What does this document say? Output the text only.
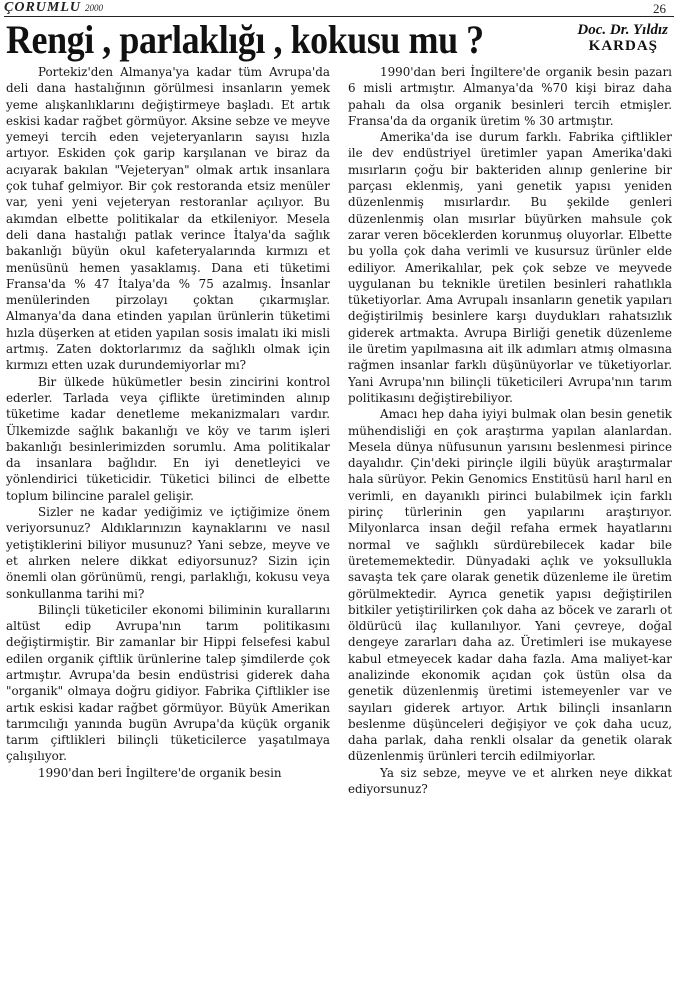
ÇORUMLU 2000	26
Rengi , parlaklığı , kokusu mu ?	Doc. Dr. Yıldız
KARDAŞ

Portekiz'den Almanya'ya kadar tüm Avrupa'da deli dana hastalığının görülmesi insanların yemek yeme alışkanlıklarını değiştirmeye başladı. Et artık eskisi kadar rağbet görmüyor. Aksine sebze ve meyve yemeyi tercih eden vejeteryanların sayısı hızla artıyor. Eskiden çok garip karşılanan ve biraz da acıyarak bakılan "Vejeteryan" olmak artık insanlara çok tuhaf gelmiyor. Bir çok restoranda etsiz menüler var, yeni yeni vejeteryan restoranlar açılıyor. Bu akımdan elbette politikalar da etkileniyor. Mesela deli dana hastalığı patlak verince İtalya'da sağlık bakanlığı büyün okul kafeteryalarında kırmızı et menüsünü hemen yasaklamış. Dana eti tüketimi Fransa'da % 47 İtalya'da % 75 azalmış. İnsanlar menülerinden pirzolayı çoktan çıkarmışlar. Almanya'da dana etinden yapılan ürünlerin tüketimi hızla düşerken at etiden yapılan sosis imalatı iki misli artmış. Zaten doktorlarımız da sağlıklı olmak için kırmızı etten uzak durundemiyorlar mı?

Bir ülkede hükümetler besin zincirini kontrol ederler. Tarlada veya çiflikte üretiminden alınıp tüketime kadar denetleme mekanizmaları vardır. Ülkemizde sağlık bakanlığı ve köy ve tarım işleri bakanlığı besinlerimizden sorumlu. Ama politikalar da insanlara bağlıdır. En iyi denetleyici ve yönlendirici tüketicidir. Tüketici bilinci de elbette toplum bilincine paralel gelişir.

Sizler ne kadar yediğimiz ve içtiğimize önem veriyorsunuz? Aldıklarınızın kaynaklarını ve nasıl yetiştiklerini biliyor musunuz? Yani sebze, meyve ve et alırken nelere dikkat ediyorsunuz? Sizin için önemli olan görünümü, rengi, parlaklığı, kokusu veya sonkullanma tarihi mi?

Bilinçli tüketiciler ekonomi biliminin kurallarını altüst edip Avrupa'nın tarım politikasını değiştirmiştir. Bir zamanlar bir Hippi felsefesi kabul edilen organik çiftlik ürünlerine talep şimdilerde çok artmıştır. Avrupa'da besin endüstrisi giderek daha "organik" olmaya doğru gidiyor. Fabrika Çiftlikler ise artık eskisi kadar rağbet görmüyor. Büyük Amerikan tarımcılığı yanında bugün Avrupa'da küçük organik tarım çiftlikleri bilinçli tüketicilerce yaşatılmaya çalışılıyor.

1990'dan beri İngiltere'de organik besin

1990'dan beri İngiltere'de organik besin pazarı 6 misli artmıştır. Almanya'da %70 kişi biraz daha pahalı da olsa organik besinleri tercih etmişler. Fransa'da da organik üretim % 30 artmıştır.

Amerika'da ise durum farklı. Fabrika çiftlikler ile dev endüstriyel üretimler yapan Amerika'daki mısırların çoğu bir bakteriden alınıp genlerine bir parçası eklenmiş, yani genetik yapısı yeniden düzenlenmiş mısırlardır. Bu şekilde genleri düzenlenmiş olan mısırlar büyürken mahsule çok zarar veren böceklerden korunmuş oluyorlar. Elbette bu yolla çok daha verimli ve kusursuz ürünler elde ediliyor. Amerikalılar, pek çok sebze ve meyvede uygulanan bu teknikle üretilen besinleri rahatlıkla tüketiyorlar. Ama Avrupalı insanların genetik yapıları değiştirilmiş besinlere karşı duydukları rahatsızlık giderek artmakta. Avrupa Birliği genetik düzenleme ile üretim yapılmasına ait ilk adımları atmış olmasına rağmen insanlar farklı düşünüyorlar ve tüketiyorlar. Yani Avrupa'nın bilinçli tüketicileri Avrupa'nın tarım politikasını değiştirebiliyor.

Amacı hep daha iyiyi bulmak olan besin genetik mühendisliği en çok araştırma yapılan alanlardan. Mesela dünya nüfusunun yarısını beslenmesi pirince dayalıdır. Çin'deki pirinçle ilgili büyük araştırmalar hala sürüyor. Pekin Genomics Enstitüsü harıl harıl en verimli, en dayanıklı pirinci bulabilmek için farklı pirinç türlerinin gen yapılarını araştırıyor. Milyonlarca insan değil refaha ermek hayatlarını normal ve sağlıklı sürdürebilecek kadar bile üretememektedir. Dünyadaki açlık ve yoksullukla savaşta tek çare olarak genetik düzenleme ile üretim görülmektedir. Ayrıca genetik yapısı değiştirilen bitkiler yetiştirilirken çok daha az böcek ve zararlı ot öldürücü ilaç kullanılıyor. Yani çevreye, doğal dengeye zararları daha az. Üretimleri ise mukayese kabul etmeyecek kadar daha fazla. Ama maliyet-kar analizinde ekonomik açıdan çok üstün olsa da genetik düzenlenmiş üretimi istemeyenler var ve sayıları giderek artıyor. Artık bilinçli insanların beslenme düşünceleri değişiyor ve çok daha ucuz, daha parlak, daha renkli olsalar da genetik olarak düzenlenmiş ürünleri tercih edilmiyorlar.

Ya siz sebze, meyve ve et alırken neye dikkat ediyorsunuz?
